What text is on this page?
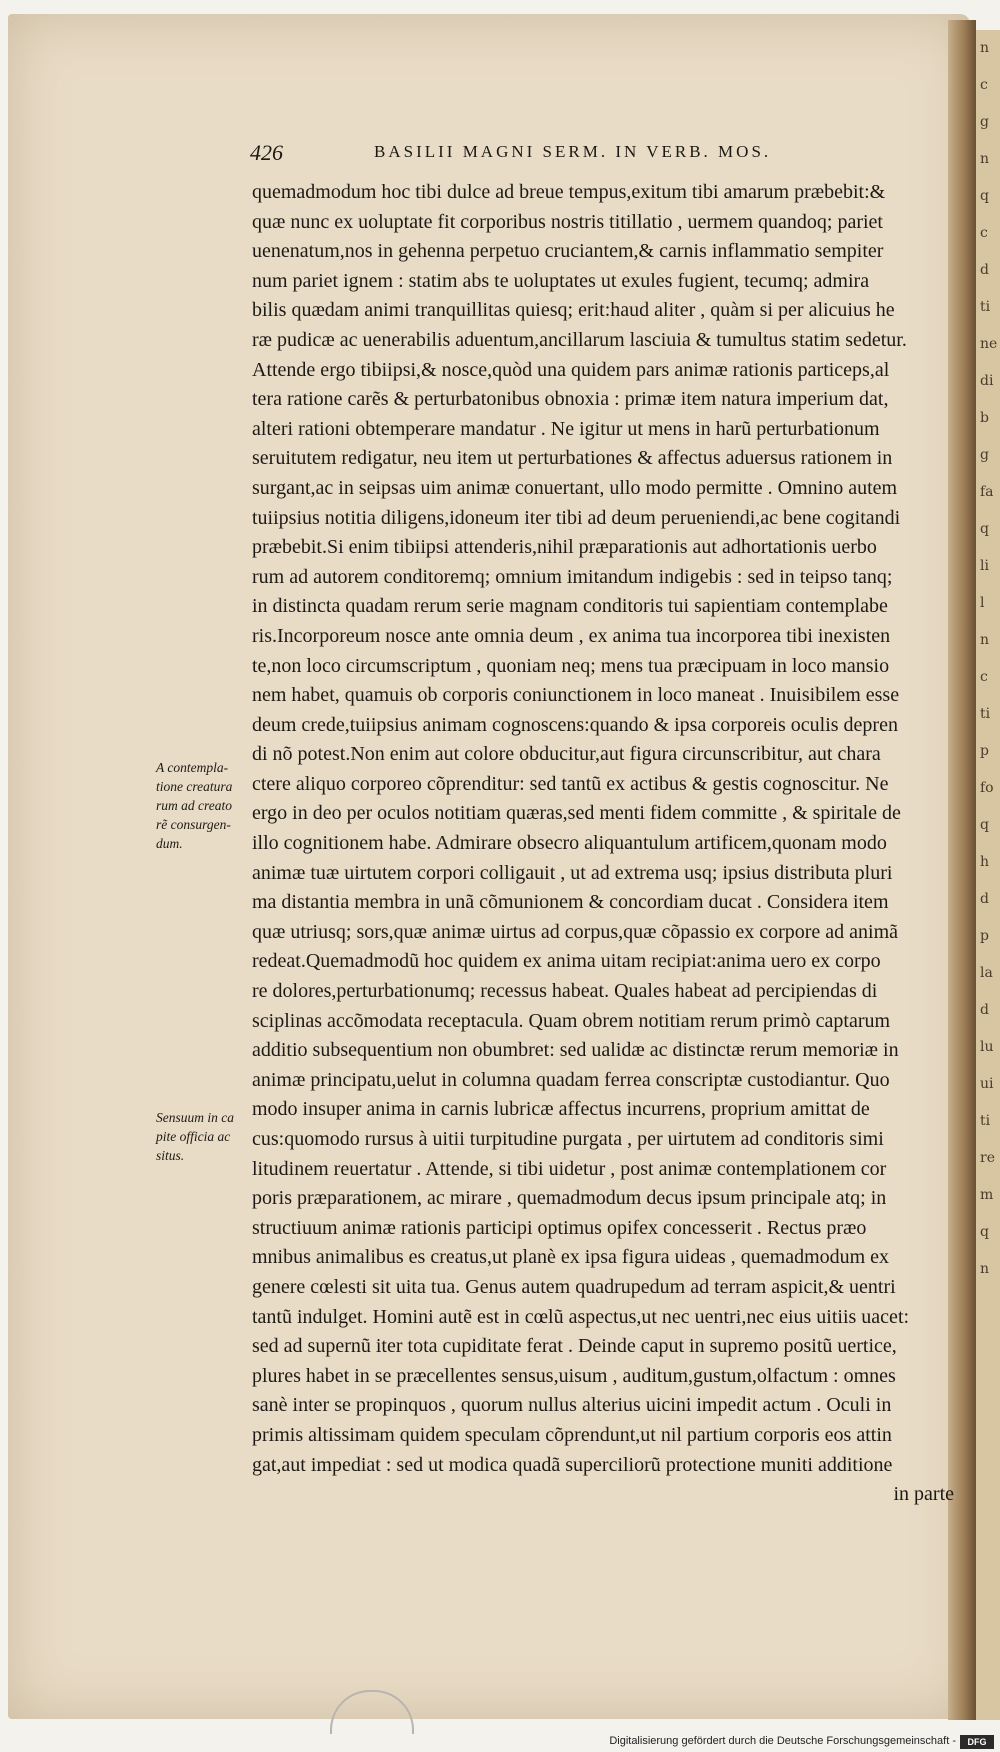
n
c
g
n
q
c
d
ti
ne
di
b
g
fa
q
li
l
n
c
ti
p
fo
q
h
d
p
la
d
lu
ui
ti
re
m
q
n
426	BASILII MAGNI SERM. IN VERB. MOS.
quemadmodum hoc tibi dulce ad breue tempus,exitum tibi amarum præbebit:&
quæ nunc ex uoluptate fit corporibus nostris titillatio , uermem quandoq; pariet
uenenatum,nos in gehenna perpetuo cruciantem,& carnis inflammatio sempiter
num pariet ignem : statim abs te uoluptates ut exules fugient, tecumq; admira
bilis quædam animi tranquillitas quiesq; erit:haud aliter , quàm si per alicuius he
ræ pudicæ ac uenerabilis aduentum,ancillarum lasciuia & tumultus statim sedetur.
Attende ergo tibiipsi,& nosce,quòd una quidem pars animæ rationis particeps,al
tera ratione carẽs & perturbatonibus obnoxia : primæ item natura imperium dat,
alteri rationi obtemperare mandatur . Ne igitur ut mens in harũ perturbationum
seruitutem redigatur, neu item ut perturbationes & affectus aduersus rationem in
surgant,ac in seipsas uim animæ conuertant, ullo modo permitte . Omnino autem
tuiipsius notitia diligens,idoneum iter tibi ad deum perueniendi,ac bene cogitandi
præbebit.Si enim tibiipsi attenderis,nihil præparationis aut adhortationis uerbo
rum ad autorem conditoremq; omnium imitandum indigebis : sed in teipso tanq;
in distincta quadam rerum serie magnam conditoris tui sapientiam contemplabe
ris.Incorporeum nosce ante omnia deum , ex anima tua incorporea tibi inexisten
te,non loco circumscriptum , quoniam neq; mens tua præcipuam in loco mansio
nem habet, quamuis ob corporis coniunctionem in loco maneat . Inuisibilem esse
deum crede,tuiipsius animam cognoscens:quando & ipsa corporeis oculis depren
di nõ potest.Non enim aut colore obducitur,aut figura circunscribitur, aut chara
ctere aliquo corporeo cõprenditur: sed tantũ ex actibus & gestis cognoscitur. Ne
ergo in deo per oculos notitiam quæras,sed menti fidem committe , & spiritale de
illo cognitionem habe. Admirare obsecro aliquantulum artificem,quonam modo
animæ tuæ uirtutem corpori colligauit , ut ad extrema usq; ipsius distributa pluri
ma distantia membra in unã cõmunionem & concordiam ducat . Considera item
quæ utriusq; sors,quæ animæ uirtus ad corpus,quæ cõpassio ex corpore ad animã
redeat.Quemadmodũ hoc quidem ex anima uitam recipiat:anima uero ex corpo
re dolores,perturbationumq; recessus habeat. Quales habeat ad percipiendas di
sciplinas accõmodata receptacula. Quam obrem notitiam rerum primò captarum
additio subsequentium non obumbret: sed ualidæ ac distinctæ rerum memoriæ in
animæ principatu,uelut in columna quadam ferrea conscriptæ custodiantur. Quo
modo insuper anima in carnis lubricæ affectus incurrens, proprium amittat de
cus:quomodo rursus à uitii turpitudine purgata , per uirtutem ad conditoris simi
litudinem reuertatur . Attende, si tibi uidetur , post animæ contemplationem cor
poris præparationem, ac mirare , quemadmodum decus ipsum principale atq; in
structiuum animæ rationis participi optimus opifex concesserit . Rectus præo
mnibus animalibus es creatus,ut planè ex ipsa figura uideas , quemadmodum ex
genere cœlesti sit uita tua. Genus autem quadrupedum ad terram aspicit,& uentri
tantũ indulget. Homini autẽ est in cœlũ aspectus,ut nec uentri,nec eius uitiis uacet:
sed ad supernũ iter tota cupiditate ferat . Deinde caput in supremo positũ uertice,
plures habet in se præcellentes sensus,uisum , auditum,gustum,olfactum : omnes
sanè inter se propinquos , quorum nullus alterius uicini impedit actum . Oculi in
primis altissimam quidem speculam cõprendunt,ut nil partium corporis eos attin
gat,aut impediat : sed ut modica quadã superciliorũ protectione muniti additione
in parte
A contempla-
tione creatura
rum ad creato
rẽ consurgen-
dum.
Sensuum in ca
pite officia ac
situs.
Digitalisierung gefördert durch die Deutsche Forschungsgemeinschaft -	DFG
